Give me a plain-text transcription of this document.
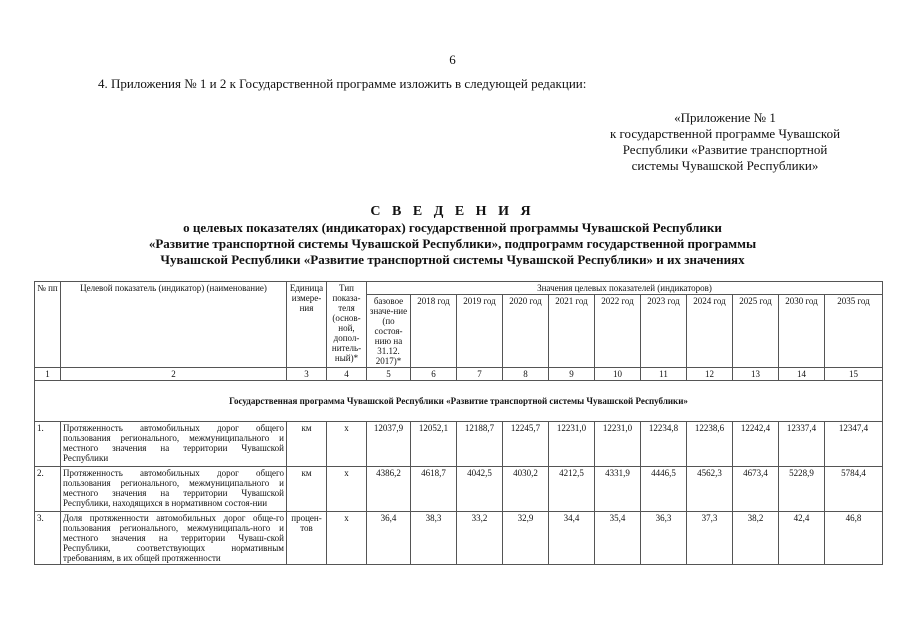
6
4. Приложения № 1 и 2 к Государственной программе изложить в следующей редакции:
«Приложение № 1
к государственной программе Чувашской
Республики «Развитие транспортной
системы Чувашской Республики»
С В Е Д Е Н И Я
о целевых показателях (индикаторах) государственной программы Чувашской Республики
«Развитие транспортной системы Чувашской Республики», подпрограмм государственной программы
Чувашской Республики «Развитие транспортной системы Чувашской Республики» и их значениях
№ пп	Целевой показатель (индикатор) (наименование)	Единица измере-ния	Тип показа-теля (основ-ной, допол-нитель-ный)*	Значения целевых показателей (индикаторов)										
				базовое значе-ние (по состоя-нию на 31.12. 2017)*	2018 год	2019 год	2020 год	2021 год	2022 год	2023 год	2024 год	2025 год	2030 год	2035 год
1	2	3	4	5	6	7	8	9	10	11	12	13	14	15
Государственная программа Чувашской Республики «Развитие транспортной системы Чувашской Республики»														
1.	Протяженность автомобильных дорог общего пользования регионального, межмуниципального и местного значения на территории Чувашской Республики	км	х	12037,9	12052,1	12188,7	12245,7	12231,0	12231,0	12234,8	12238,6	12242,4	12337,4	12347,4
2.	Протяженность автомобильных дорог общего пользования регионального, межмуниципального и местного значения на территории Чувашской Республики, находящихся в нормативном состоя-нии	км	х	4386,2	4618,7	4042,5	4030,2	4212,5	4331,9	4446,5	4562,3	4673,4	5228,9	5784,4
3.	Доля протяженности автомобильных дорог обще-го пользования регионального, межмуниципаль-ного и местного значения на территории Чуваш-ской Республики, соответствующих нормативным требованиям, в их общей протяженности	процен-тов	х	36,4	38,3	33,2	32,9	34,4	35,4	36,3	37,3	38,2	42,4	46,8
